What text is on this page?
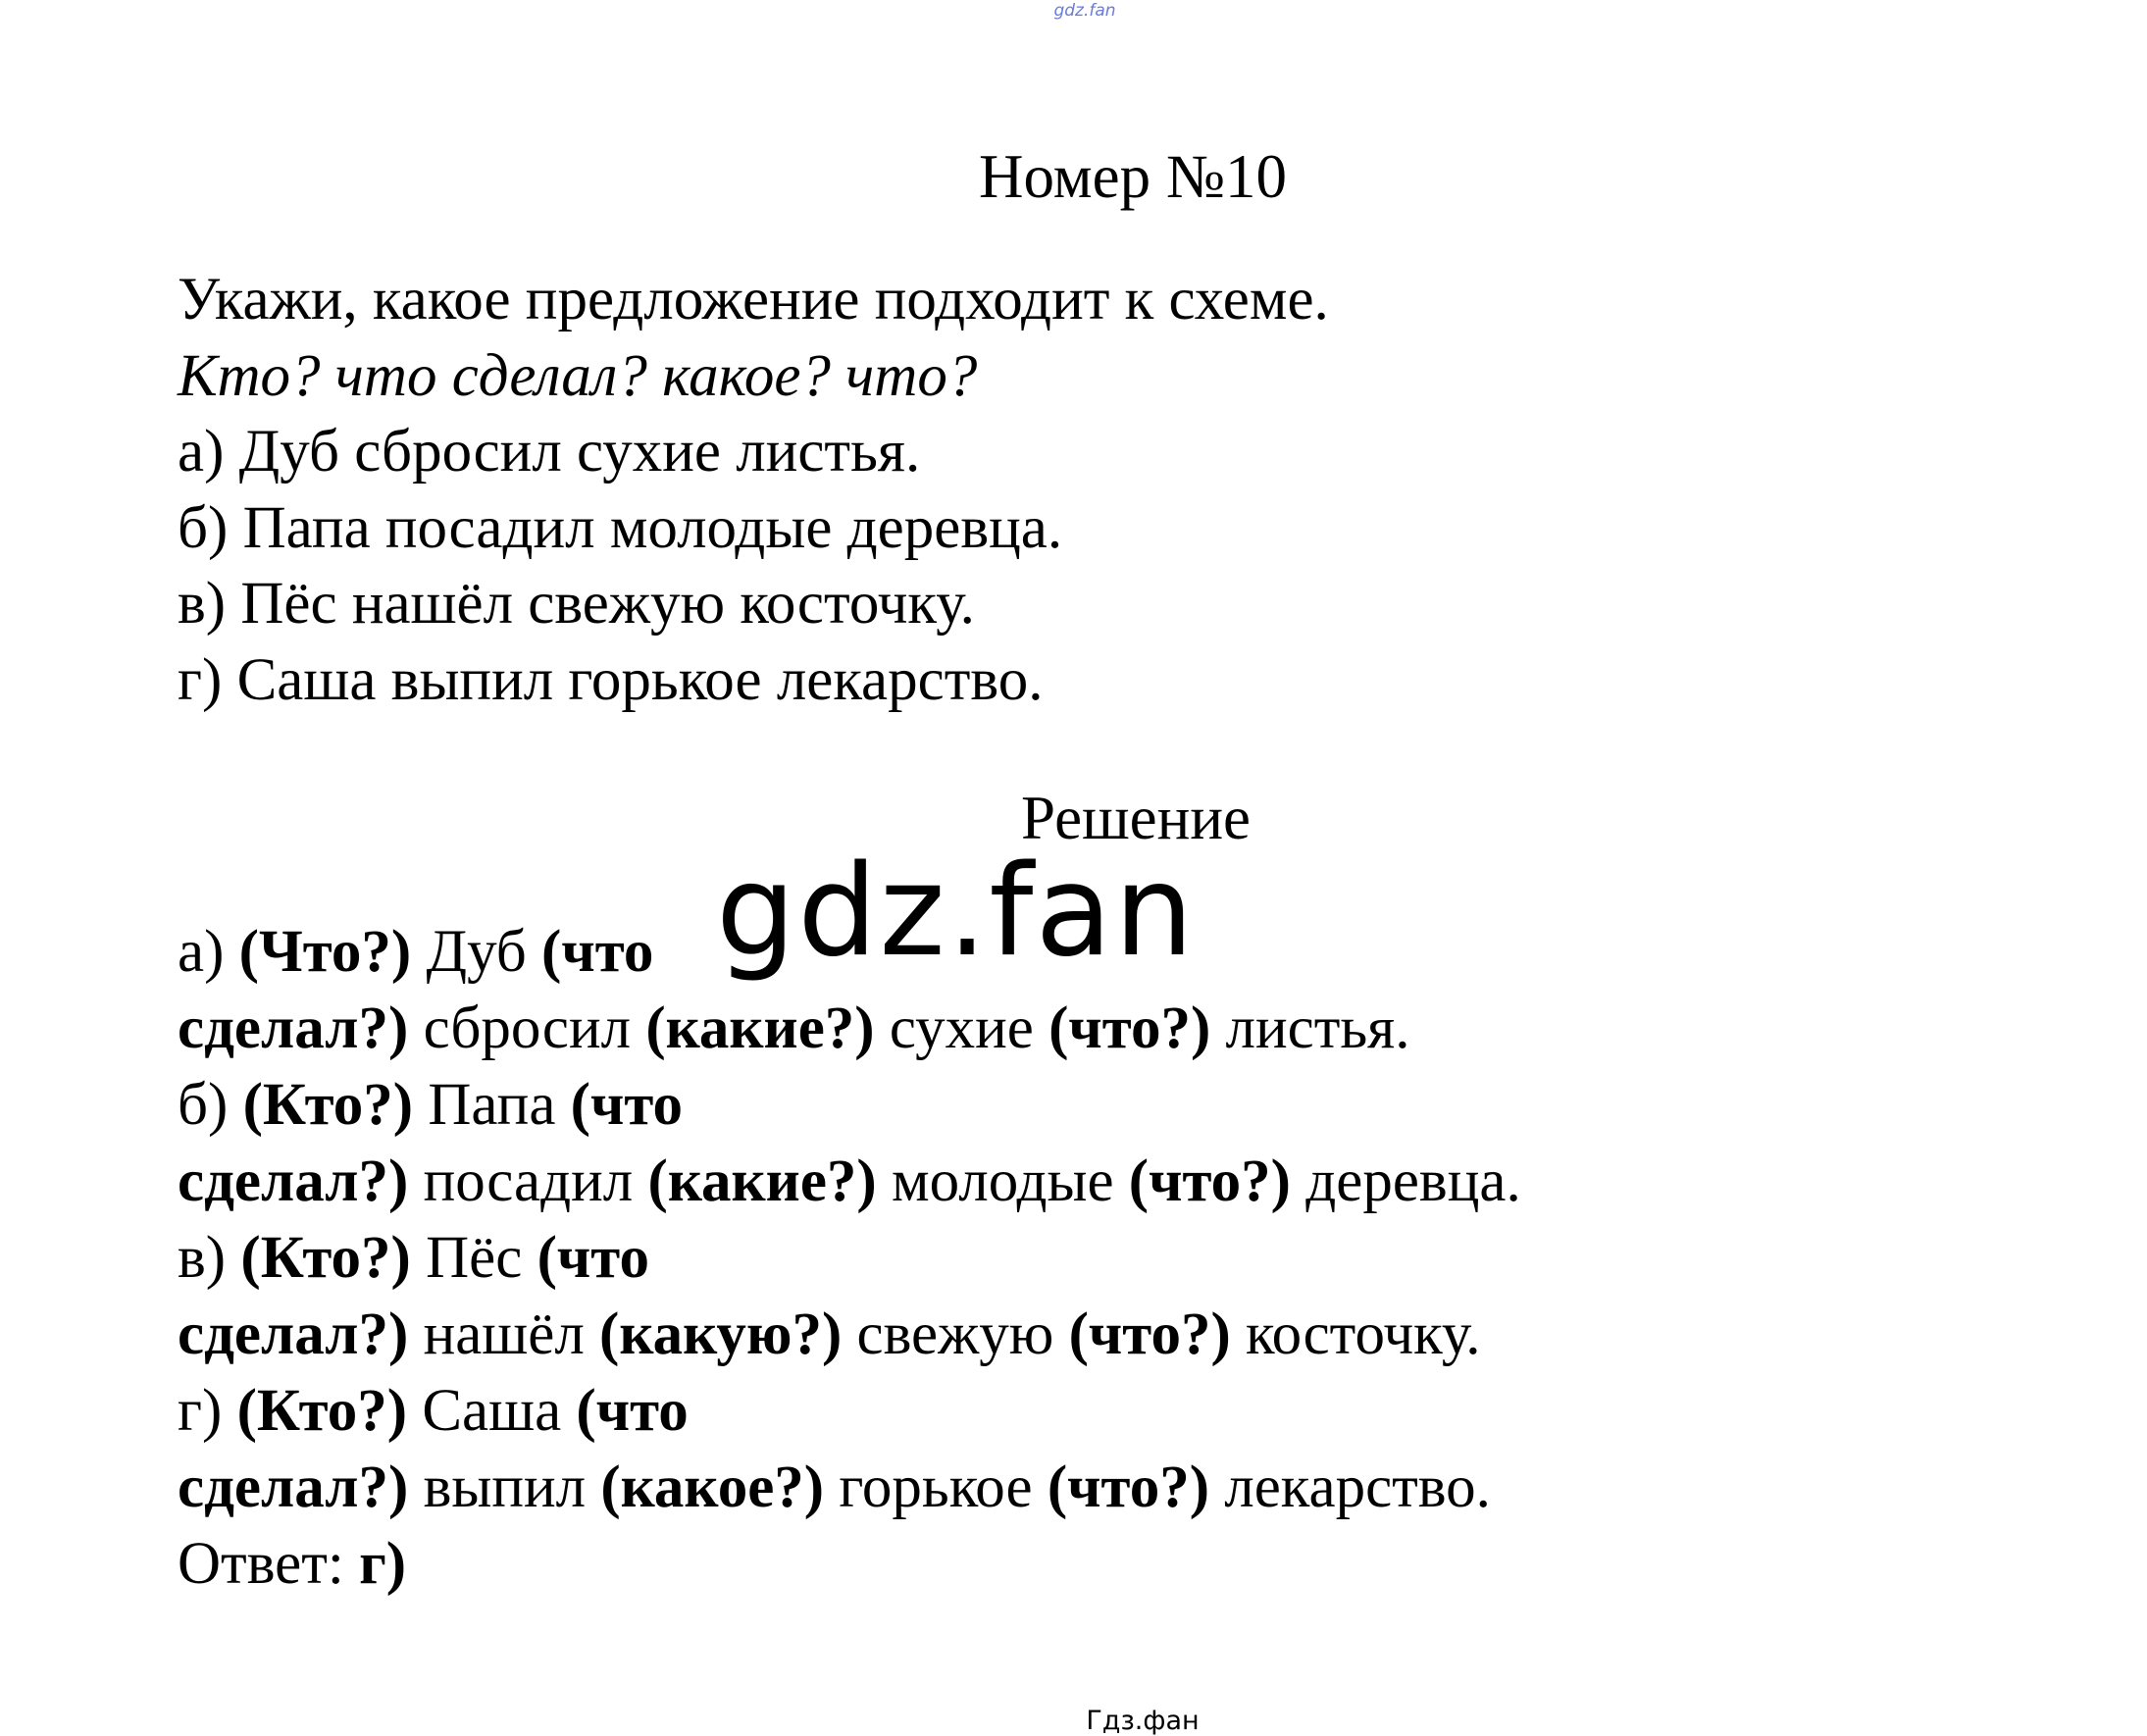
gdz.fan
Номер №10
Укажи, какое предложение подходит к схеме.
Кто? что сделал? какое? что?
а) Дуб сбросил сухие листья.
б) Папа посадил молодые деревца.
в) Пёс нашёл свежую косточку.
г) Саша выпил горькое лекарство.
Решение
gdz.fan
а) (Что?) Дуб (что
сделал?) сбросил (какие?) сухие (что?) листья.
б) (Кто?) Папа (что
сделал?) посадил (какие?) молодые (что?) деревца.
в) (Кто?) Пёс (что
сделал?) нашёл (какую?) свежую (что?) косточку.
г) (Кто?) Саша (что
сделал?) выпил (какое?) горькое (что?) лекарство.
Ответ: г)
Гдз.фан
